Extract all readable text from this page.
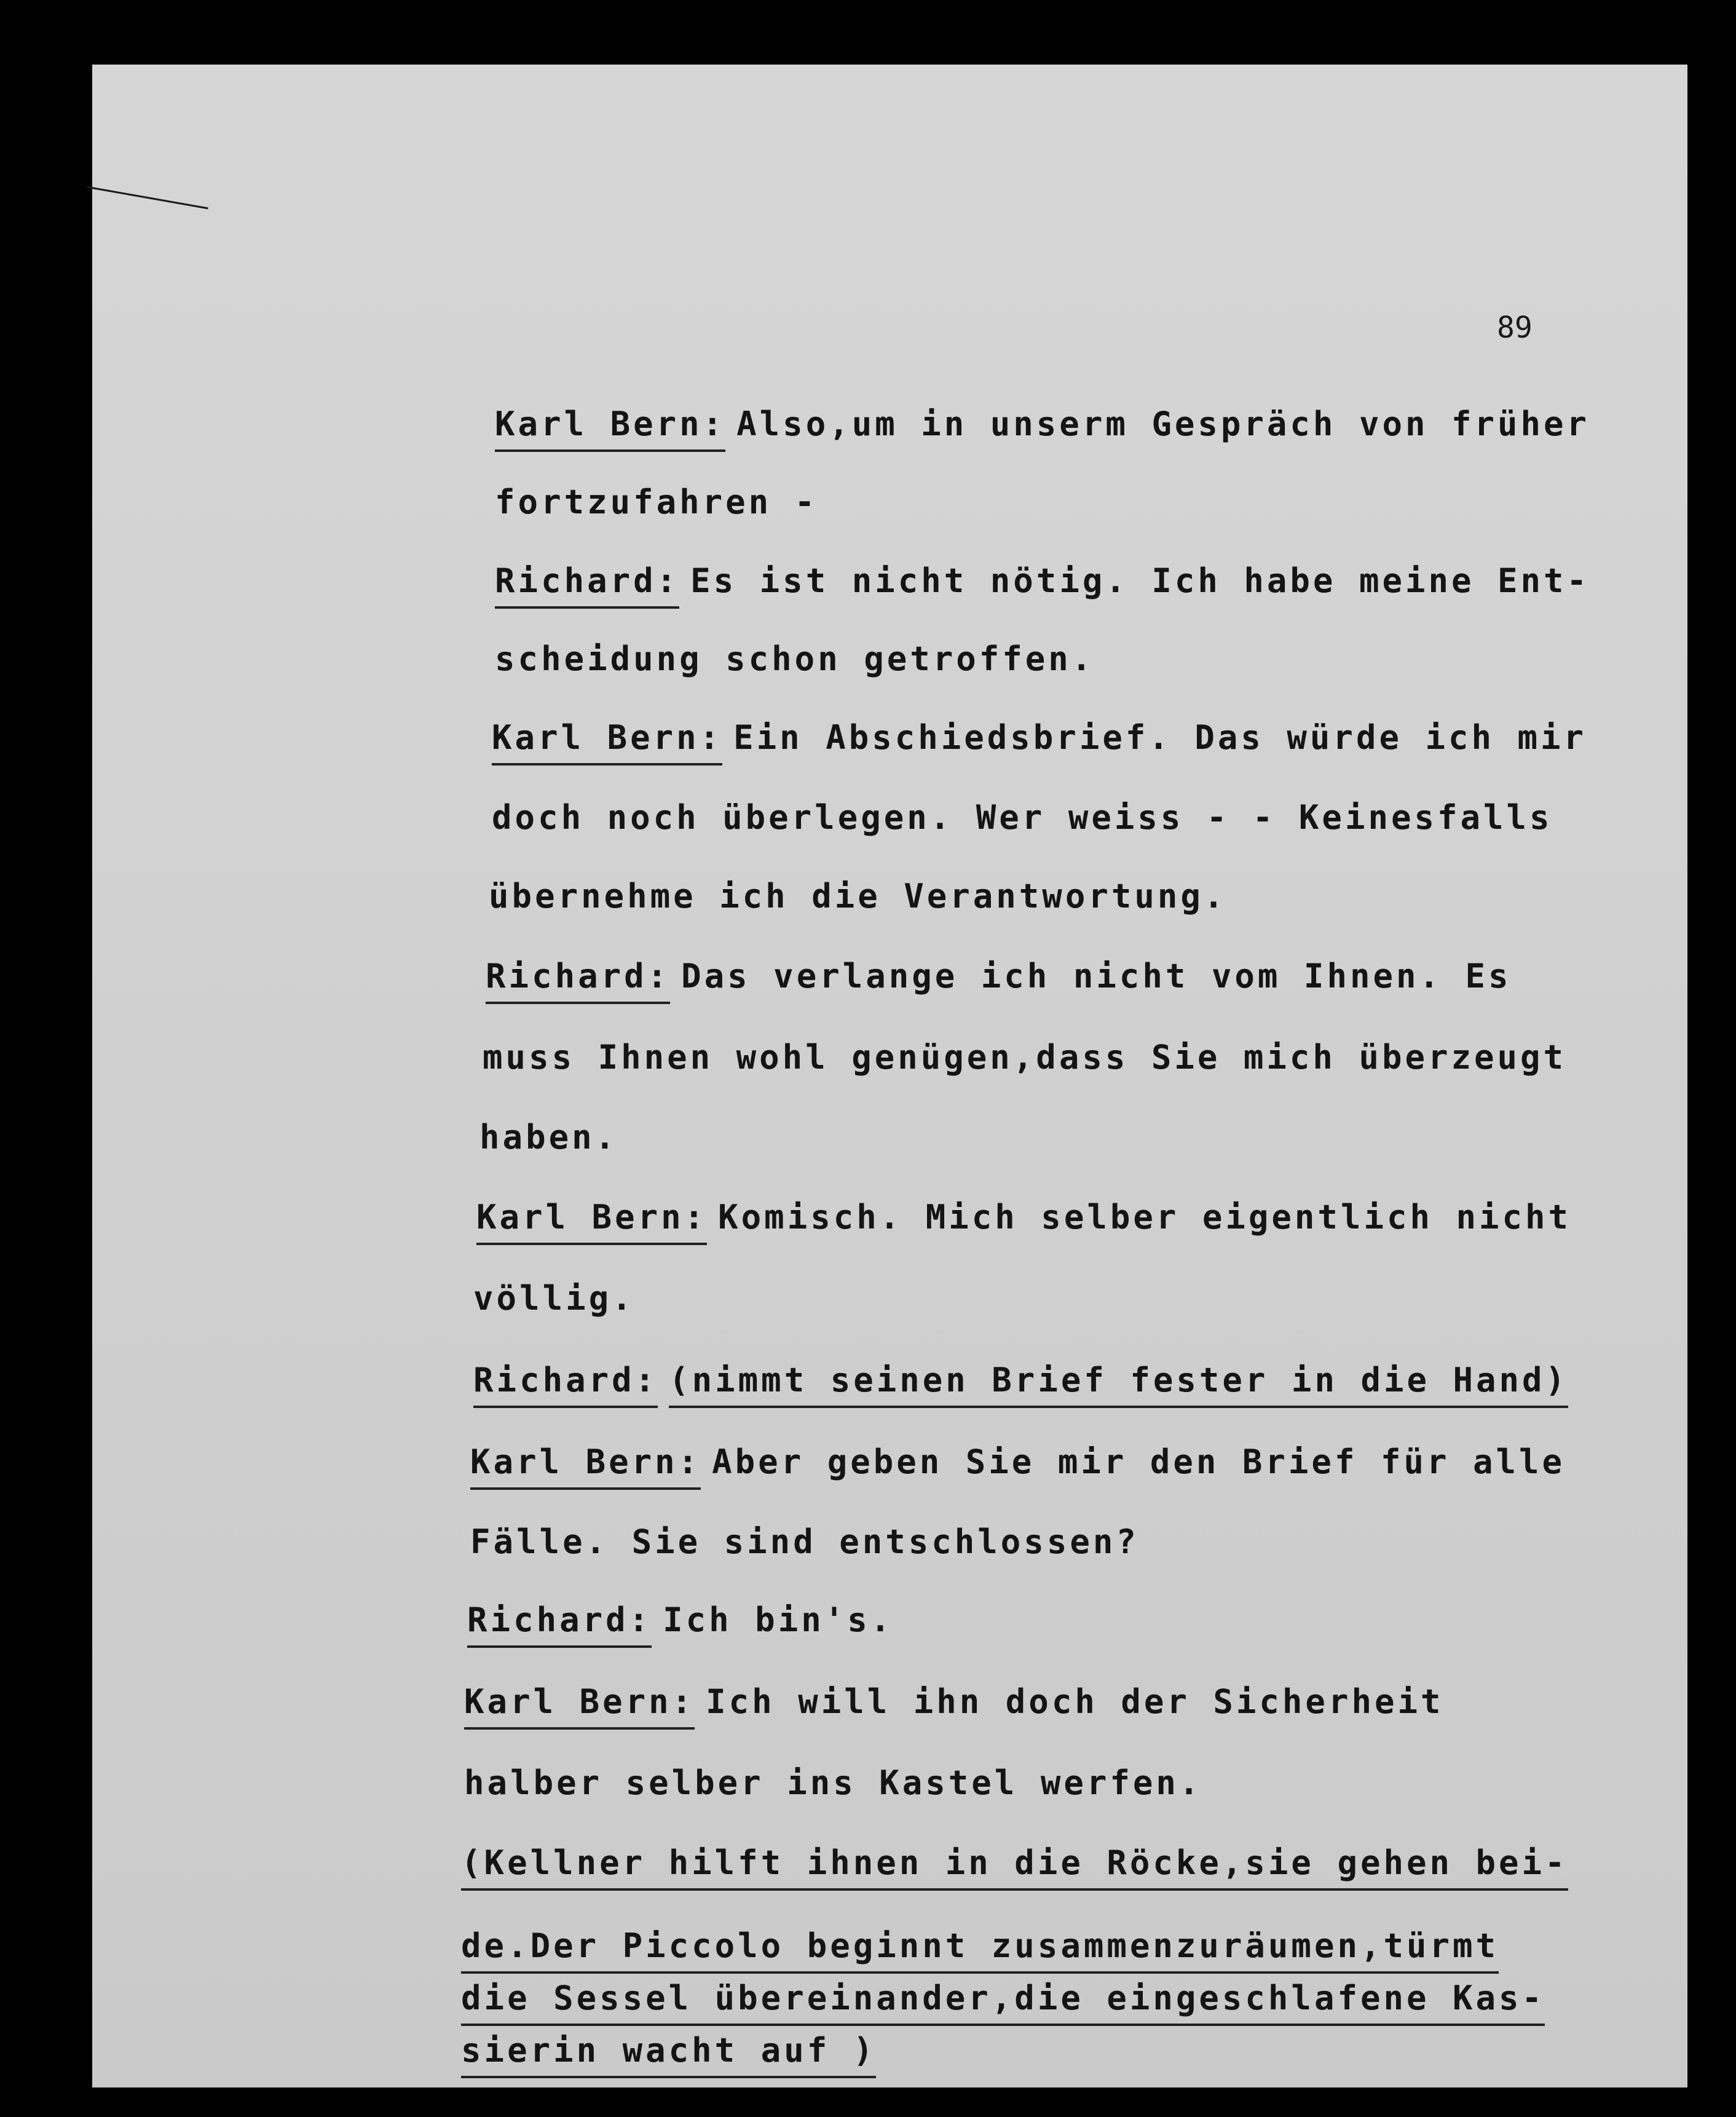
89

Karl Bern: Also,um in unserm Gespräch von früher

fortzufahren -

Richard: Es ist nicht nötig. Ich habe meine Ent-

scheidung schon getroffen.

Karl Bern: Ein Abschiedsbrief. Das würde ich mir

doch noch überlegen. Wer weiss - - Keinesfalls

übernehme ich die Verantwortung.

Richard: Das verlange ich nicht vom Ihnen. Es

muss Ihnen wohl genügen,dass Sie mich überzeugt

haben.

Karl Bern: Komisch. Mich selber eigentlich nicht

völlig.

Richard: (nimmt seinen Brief fester in die Hand)

Karl Bern: Aber geben Sie mir den Brief für alle

Fälle. Sie sind entschlossen?

Richard: Ich bin's.

Karl Bern: Ich will ihn doch der Sicherheit

halber selber ins Kastel werfen.

(Kellner hilft ihnen in die Röcke,sie gehen bei-

de.Der Piccolo beginnt zusammenzuräumen,türmt

die Sessel übereinander,die eingeschlafene Kas-

sierin wacht auf )
